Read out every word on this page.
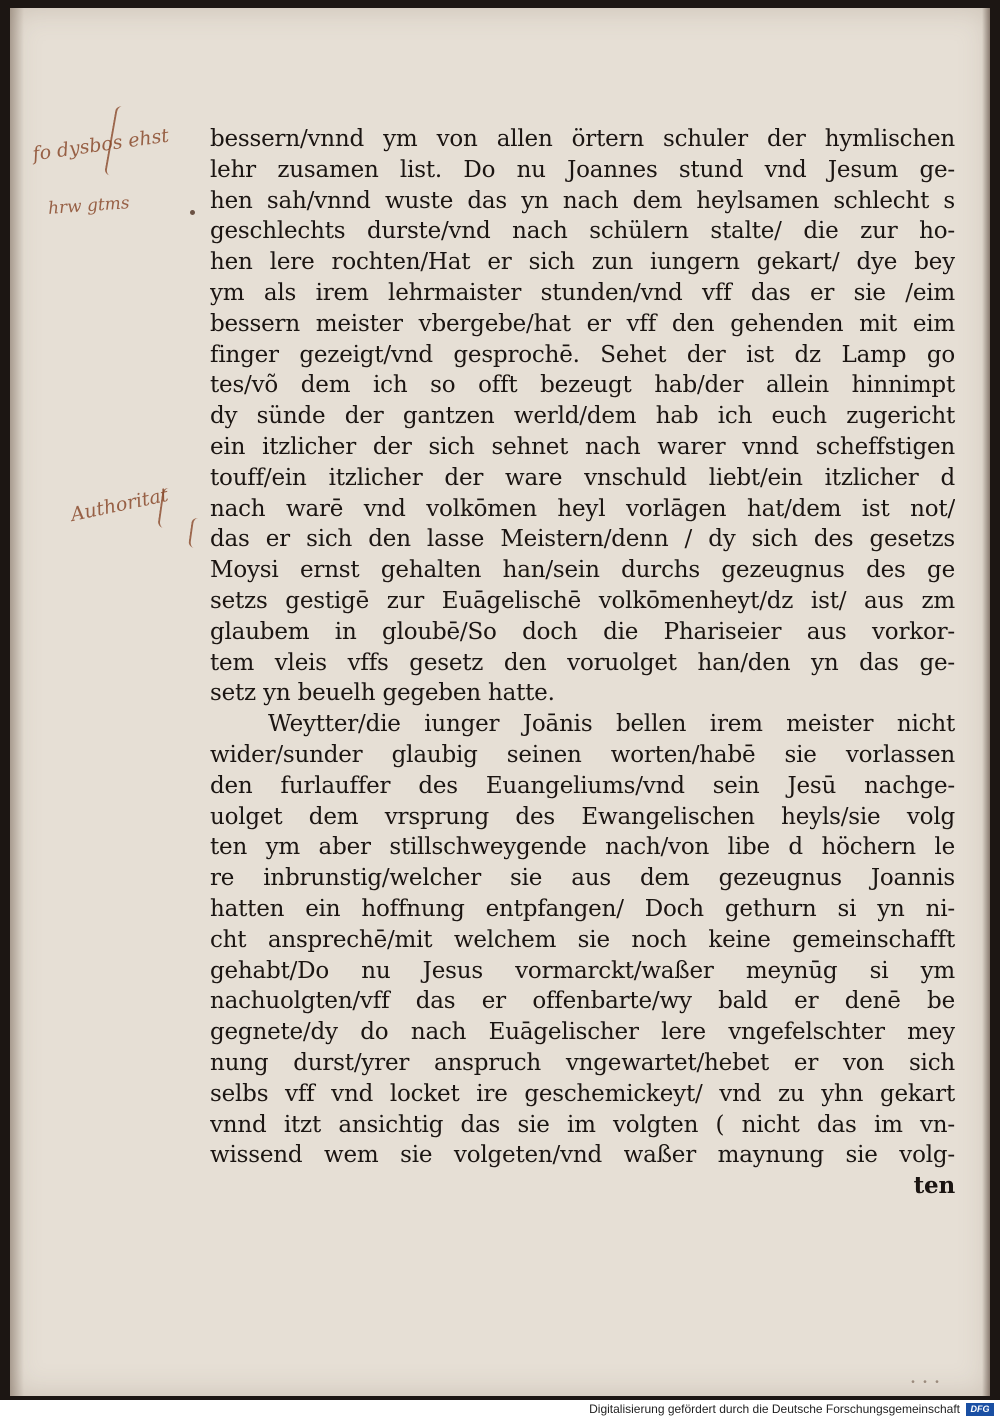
fo dysbos ehst
hrw gtms
Authoritat
bessern/vnnd ym von allen örtern schuler der hymlischen
lehr zusamen list. Do nu Joannes stund vnd Jesum ge-
hen sah/vnnd wuste das yn nach dem heylsamen schlecht s
geschlechts durste/vnd nach schülern stalte/ die zur ho-
hen lere rochten/Hat er sich zun iungern gekart/ dye bey
ym als irem lehrmaister stunden/vnd vff das er sie /eim
bessern meister vbergebe/hat er vff den gehenden mit eim
finger gezeigt/vnd gesprochē. Sehet der ist dz Lamp go
tes/võ dem ich so offt bezeugt hab/der allein hinnimpt
dy sünde der gantzen werld/dem hab ich euch zugericht
ein itzlicher der sich sehnet nach warer vnnd scheffstigen
touff/ein itzlicher der ware vnschuld liebt/ein itzlicher d
nach warē vnd volkōmen heyl vorlāgen hat/dem ist not/
das er sich den lasse Meistern/denn / dy sich des gesetzs
Moysi ernst gehalten han/sein durchs gezeugnus des ge
setzs gestigē zur Euāgelischē volkōmenheyt/dz ist/ aus zm
glaubem in gloubē/So doch die Phariseier aus vorkor-
tem vleis vffs gesetz den voruolget han/den yn das ge-
setz yn beuelh gegeben hatte.
Weytter/die iunger Joānis bellen irem meister nicht
wider/sunder glaubig seinen worten/habē sie vorlassen
den furlauffer des Euangeliums/vnd sein Jesū nachge-
uolget dem vrsprung des Ewangelischen heyls/sie volg
ten ym aber stillschweygende nach/von libe d höchern le
re inbrunstig/welcher sie aus dem gezeugnus Joannis
hatten ein hoffnung entpfangen/ Doch gethurn si yn ni-
cht ansprechē/mit welchem sie noch keine gemeinschafft
gehabt/Do nu Jesus vormarckt/waßer meynūg si ym
nachuolgten/vff das er offenbarte/wy bald er denē be
gegnete/dy do nach Euāgelischer lere vngefelschter mey
nung durst/yrer anspruch vngewartet/hebet er von sich
selbs vff vnd locket ire geschemickeyt/ vnd zu yhn gekart
vnnd itzt ansichtig das sie im volgten ( nicht das im vn-
wissend wem sie volgeten/vnd waßer maynung sie volg-
ten
• • •
Digitalisierung gefördert durch die Deutsche Forschungsgemeinschaft	DFG
